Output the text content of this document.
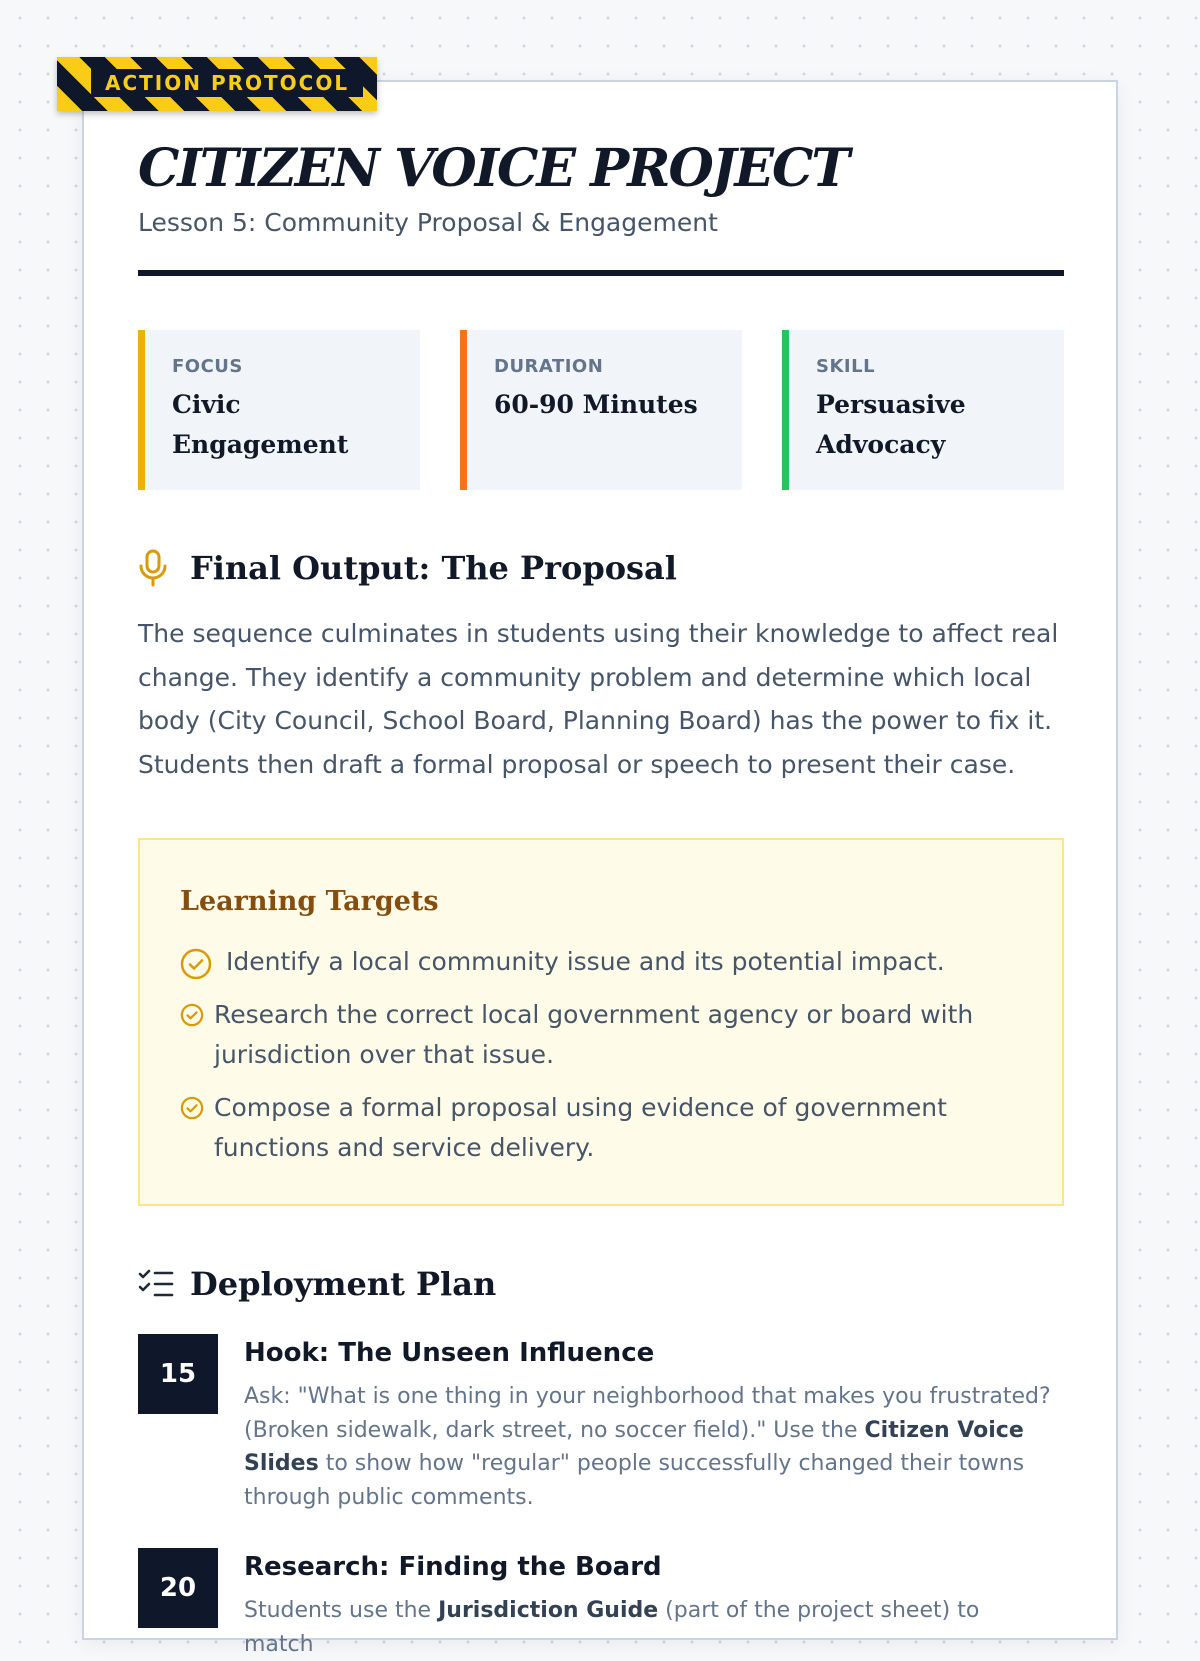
ACTION PROTOCOL
CITIZEN VOICE PROJECT
Lesson 5: Community Proposal & Engagement
FOCUS
Civic Engagement
DURATION
60-90 Minutes
SKILL
Persuasive Advocacy
Final Output: The Proposal

The sequence culminates in students using their knowledge to affect real change. They identify a community problem and determine which local body (City Council, School Board, Planning Board) has the power to fix it. Students then draft a formal proposal or speech to present their case.

Learning Targets
Identify a local community issue and its potential impact.
Research the correct local government agency or board with jurisdiction over that issue.
Compose a formal proposal using evidence of government functions and service delivery.
Deployment Plan
15
Hook: The Unseen Influence

Ask: "What is one thing in your neighborhood that makes you frustrated? (Broken sidewalk, dark street, no soccer field)." Use the Citizen Voice Slides to show how "regular" people successfully changed their towns through public comments.

20
Research: Finding the Board

Students use the Jurisdiction Guide (part of the project sheet) to match
